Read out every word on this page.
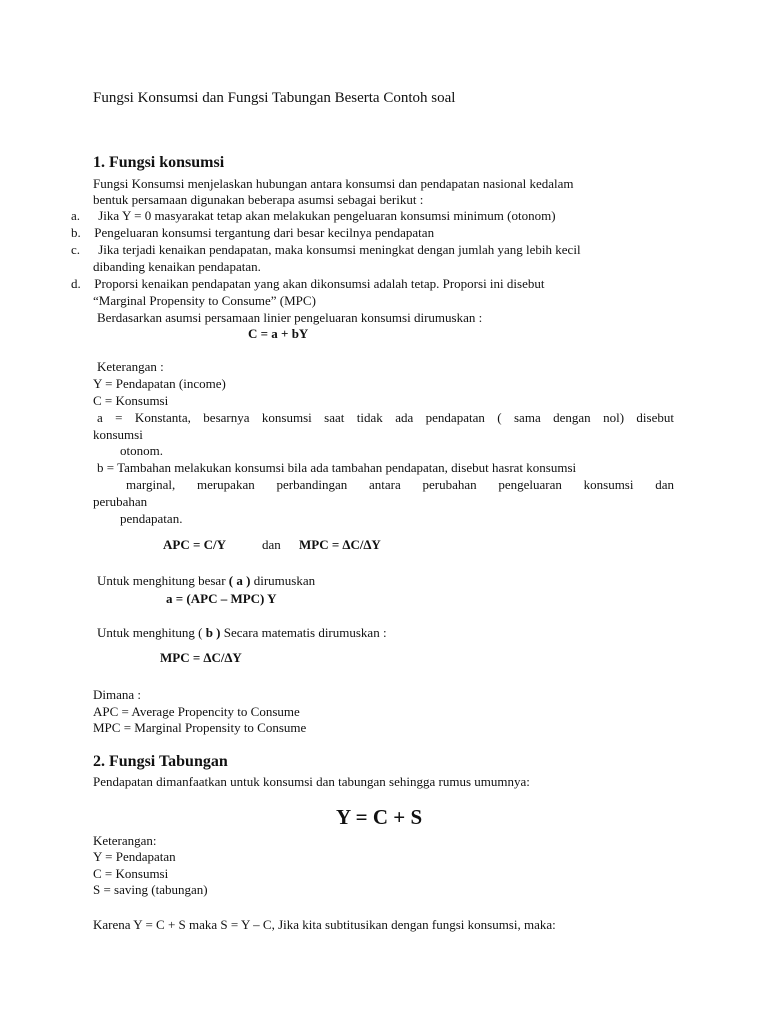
Fungsi Konsumsi dan Fungsi Tabungan Beserta Contoh soal
1. Fungsi konsumsi
Fungsi Konsumsi menjelaskan hubungan antara konsumsi dan pendapatan nasional kedalam
bentuk persamaan digunakan beberapa asumsi sebagai berikut :
a. Jika Y = 0 masyarakat tetap akan melakukan pengeluaran konsumsi minimum (otonom)
b. Pengeluaran konsumsi tergantung dari besar kecilnya pendapatan
c. Jika terjadi kenaikan pendapatan, maka konsumsi meningkat dengan jumlah yang lebih kecil
dibanding kenaikan pendapatan.
d. Proporsi kenaikan pendapatan yang akan dikonsumsi adalah tetap. Proporsi ini disebut
“Marginal Propensity to Consume” (MPC)
Berdasarkan asumsi persamaan linier pengeluaran konsumsi dirumuskan :
C = a + bY
Keterangan :
Y = Pendapatan (income)
C = Konsumsi
a = Konstanta, besarnya konsumsi saat tidak ada pendapatan ( sama dengan nol) disebut
konsumsi
otonom.
b = Tambahan melakukan konsumsi bila ada tambahan pendapatan, disebut hasrat konsumsi
marginal, merupakan perbandingan antara perubahan pengeluaran konsumsi dan
perubahan
pendapatan.
APC = C/Y	dan MPC = ∆C/∆Y
Untuk menghitung besar ( a ) dirumuskan
a = (APC – MPC) Y
Untuk menghitung ( b ) Secara matematis dirumuskan :
MPC = ∆C/∆Y
Dimana :
APC = Average Propencity to Consume
MPC = Marginal Propensity to Consume
2. Fungsi Tabungan
Pendapatan dimanfaatkan untuk konsumsi dan tabungan sehingga rumus umumnya:
Y = C + S
Keterangan:
Y = Pendapatan
C = Konsumsi
S = saving (tabungan)
Karena Y = C + S maka S = Y – C, Jika kita subtitusikan dengan fungsi konsumsi, maka:
